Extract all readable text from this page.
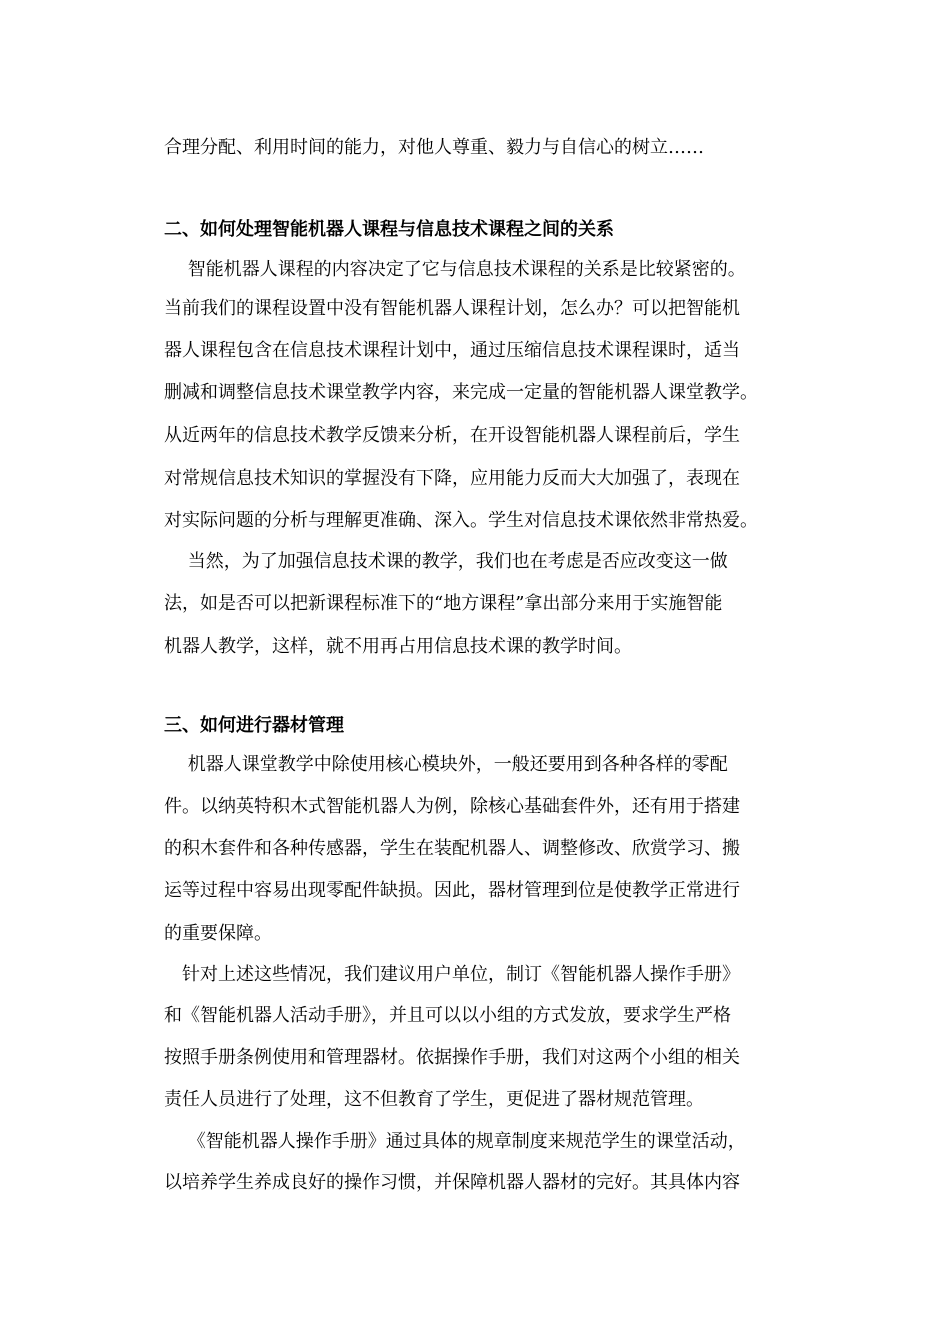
合理分配、利用时间的能力，对他人尊重、毅力与自信心的树立……
二、如何处理智能机器人课程与信息技术课程之间的关系
　 智能机器人课程的内容决定了它与信息技术课程的关系是比较紧密的。
当前我们的课程设置中没有智能机器人课程计划，怎么办？可以把智能机
器人课程包含在信息技术课程计划中，通过压缩信息技术课程课时，适当
删减和调整信息技术课堂教学内容，来完成一定量的智能机器人课堂教学。
从近两年的信息技术教学反馈来分析，在开设智能机器人课程前后，学生
对常规信息技术知识的掌握没有下降，应用能力反而大大加强了，表现在
对实际问题的分析与理解更准确、深入。学生对信息技术课依然非常热爱。
　 当然，为了加强信息技术课的教学，我们也在考虑是否应改变这一做
法，如是否可以把新课程标准下的“地方课程”拿出部分来用于实施智能
机器人教学，这样，就不用再占用信息技术课的教学时间。
三、如何进行器材管理
　 机器人课堂教学中除使用核心模块外，一般还要用到各种各样的零配
件。以纳英特积木式智能机器人为例，除核心基础套件外，还有用于搭建
的积木套件和各种传感器，学生在装配机器人、调整修改、欣赏学习、搬
运等过程中容易出现零配件缺损。因此，器材管理到位是使教学正常进行
的重要保障。
　针对上述这些情况，我们建议用户单位，制订《智能机器人操作手册》
和《智能机器人活动手册》，并且可以以小组的方式发放，要求学生严格
按照手册条例使用和管理器材。依据操作手册，我们对这两个小组的相关
责任人员进行了处理，这不但教育了学生，更促进了器材规范管理。
　 《智能机器人操作手册》通过具体的规章制度来规范学生的课堂活动，
以培养学生养成良好的操作习惯，并保障机器人器材的完好。其具体内容
